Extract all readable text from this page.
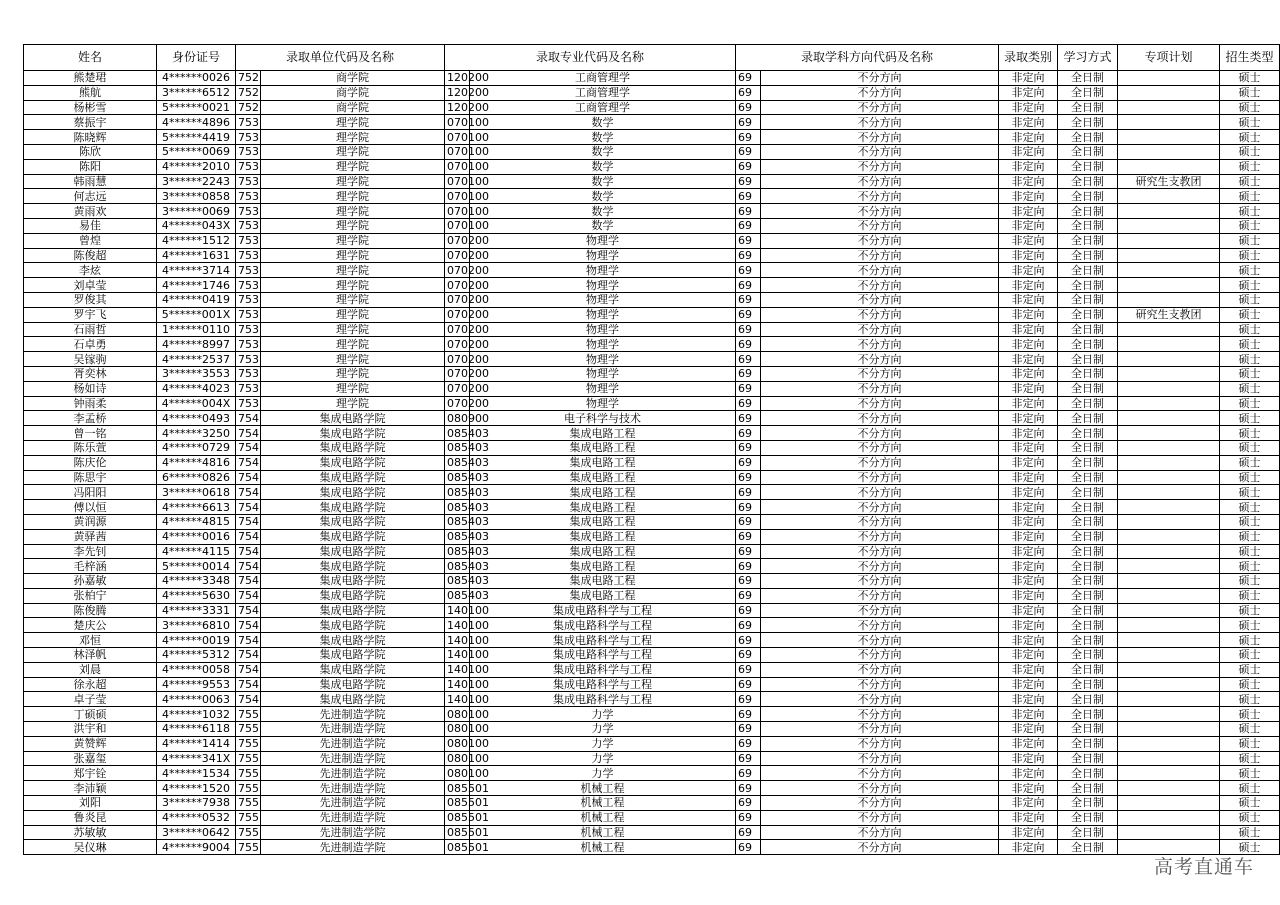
姓名	身份证号	录取单位代码及名称		录取专业代码及名称		录取学科方向代码及名称		录取类别	学习方式	专项计划	招生类型
熊楚珺	4******0026	752	商学院	120200	工商管理学	69	不分方向	非定向	全日制		硕士
熊航	3******6512	752	商学院	120200	工商管理学	69	不分方向	非定向	全日制		硕士
杨彬雪	5******0021	752	商学院	120200	工商管理学	69	不分方向	非定向	全日制		硕士
蔡振宇	4******4896	753	理学院	070100	数学	69	不分方向	非定向	全日制		硕士
陈晓辉	5******4419	753	理学院	070100	数学	69	不分方向	非定向	全日制		硕士
陈欣	5******0069	753	理学院	070100	数学	69	不分方向	非定向	全日制		硕士
陈阳	4******2010	753	理学院	070100	数学	69	不分方向	非定向	全日制		硕士
韩雨慧	3******2243	753	理学院	070100	数学	69	不分方向	非定向	全日制	研究生支教团	硕士
何志远	3******0858	753	理学院	070100	数学	69	不分方向	非定向	全日制		硕士
黄雨欢	3******0069	753	理学院	070100	数学	69	不分方向	非定向	全日制		硕士
易佳	4******043X	753	理学院	070100	数学	69	不分方向	非定向	全日制		硕士
曾煌	4******1512	753	理学院	070200	物理学	69	不分方向	非定向	全日制		硕士
陈俊超	4******1631	753	理学院	070200	物理学	69	不分方向	非定向	全日制		硕士
李炫	4******3714	753	理学院	070200	物理学	69	不分方向	非定向	全日制		硕士
刘卓莹	4******1746	753	理学院	070200	物理学	69	不分方向	非定向	全日制		硕士
罗俊其	4******0419	753	理学院	070200	物理学	69	不分方向	非定向	全日制		硕士
罗宇飞	5******001X	753	理学院	070200	物理学	69	不分方向	非定向	全日制	研究生支教团	硕士
石雨哲	1******0110	753	理学院	070200	物理学	69	不分方向	非定向	全日制		硕士
石卓勇	4******8997	753	理学院	070200	物理学	69	不分方向	非定向	全日制		硕士
吴镓驹	4******2537	753	理学院	070200	物理学	69	不分方向	非定向	全日制		硕士
胥奕林	3******3553	753	理学院	070200	物理学	69	不分方向	非定向	全日制		硕士
杨如诗	4******4023	753	理学院	070200	物理学	69	不分方向	非定向	全日制		硕士
钟雨柔	4******004X	753	理学院	070200	物理学	69	不分方向	非定向	全日制		硕士
李孟桥	4******0493	754	集成电路学院	080900	电子科学与技术	69	不分方向	非定向	全日制		硕士
曾一铭	4******3250	754	集成电路学院	085403	集成电路工程	69	不分方向	非定向	全日制		硕士
陈乐萱	4******0729	754	集成电路学院	085403	集成电路工程	69	不分方向	非定向	全日制		硕士
陈庆伦	4******4816	754	集成电路学院	085403	集成电路工程	69	不分方向	非定向	全日制		硕士
陈思宇	6******0826	754	集成电路学院	085403	集成电路工程	69	不分方向	非定向	全日制		硕士
冯阳阳	3******0618	754	集成电路学院	085403	集成电路工程	69	不分方向	非定向	全日制		硕士
傅以恒	4******6613	754	集成电路学院	085403	集成电路工程	69	不分方向	非定向	全日制		硕士
黄润源	4******4815	754	集成电路学院	085403	集成电路工程	69	不分方向	非定向	全日制		硕士
黄驿茜	4******0016	754	集成电路学院	085403	集成电路工程	69	不分方向	非定向	全日制		硕士
李先钊	4******4115	754	集成电路学院	085403	集成电路工程	69	不分方向	非定向	全日制		硕士
毛梓涵	5******0014	754	集成电路学院	085403	集成电路工程	69	不分方向	非定向	全日制		硕士
孙嘉敏	4******3348	754	集成电路学院	085403	集成电路工程	69	不分方向	非定向	全日制		硕士
张柏宁	4******5630	754	集成电路学院	085403	集成电路工程	69	不分方向	非定向	全日制		硕士
陈俊腾	4******3331	754	集成电路学院	140100	集成电路科学与工程	69	不分方向	非定向	全日制		硕士
楚庆公	3******6810	754	集成电路学院	140100	集成电路科学与工程	69	不分方向	非定向	全日制		硕士
邓恒	4******0019	754	集成电路学院	140100	集成电路科学与工程	69	不分方向	非定向	全日制		硕士
林泽帆	4******5312	754	集成电路学院	140100	集成电路科学与工程	69	不分方向	非定向	全日制		硕士
刘晨	4******0058	754	集成电路学院	140100	集成电路科学与工程	69	不分方向	非定向	全日制		硕士
徐永超	4******9553	754	集成电路学院	140100	集成电路科学与工程	69	不分方向	非定向	全日制		硕士
卓子莹	4******0063	754	集成电路学院	140100	集成电路科学与工程	69	不分方向	非定向	全日制		硕士
丁硕硕	4******1032	755	先进制造学院	080100	力学	69	不分方向	非定向	全日制		硕士
洪宇和	4******6118	755	先进制造学院	080100	力学	69	不分方向	非定向	全日制		硕士
黄赞辉	4******1414	755	先进制造学院	080100	力学	69	不分方向	非定向	全日制		硕士
张嘉玺	4******341X	755	先进制造学院	080100	力学	69	不分方向	非定向	全日制		硕士
郑宇铨	4******1534	755	先进制造学院	080100	力学	69	不分方向	非定向	全日制		硕士
李沛颖	4******1520	755	先进制造学院	085501	机械工程	69	不分方向	非定向	全日制		硕士
刘阳	3******7938	755	先进制造学院	085501	机械工程	69	不分方向	非定向	全日制		硕士
鲁炎昆	4******0532	755	先进制造学院	085501	机械工程	69	不分方向	非定向	全日制		硕士
苏敏敏	3******0642	755	先进制造学院	085501	机械工程	69	不分方向	非定向	全日制		硕士
吴仪琳	4******9004	755	先进制造学院	085501	机械工程	69	不分方向	非定向	全日制		硕士
高考直通车
